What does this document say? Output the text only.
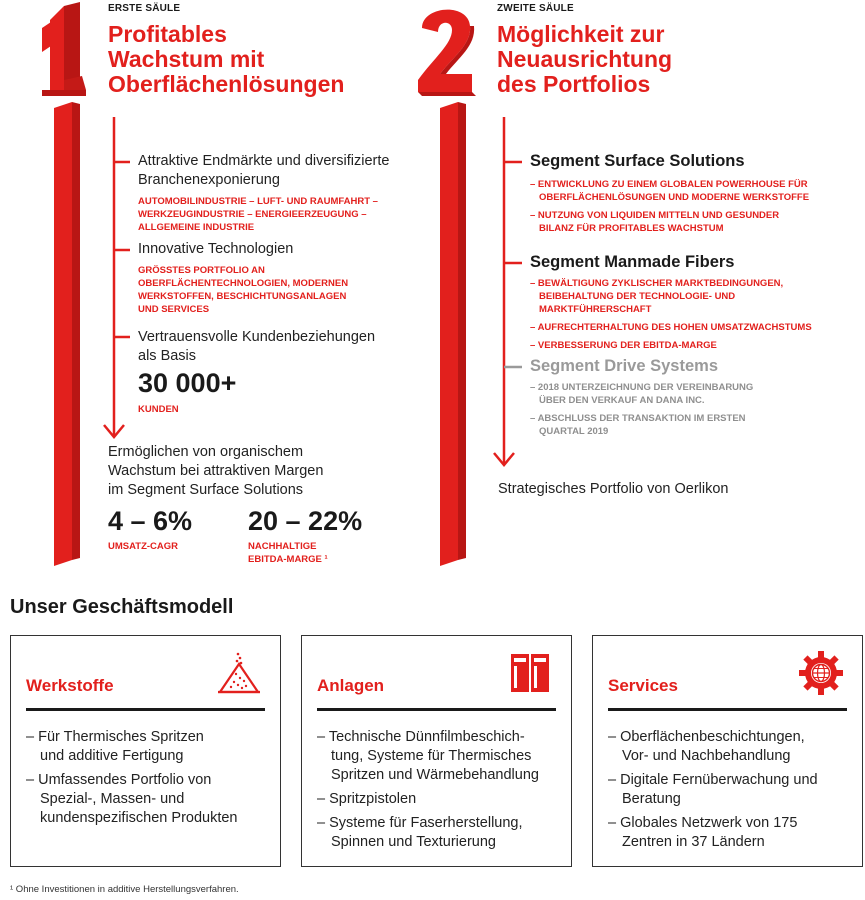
ERSTE SÄULE
Profitables
Wachstum mit
Oberflächenlösungen
Attraktive Endmärkte und diversifizierte
Branchenexponierung
AUTOMOBILINDUSTRIE – LUFT- UND RAUMFAHRT –
WERKZEUGINDUSTRIE – ENERGIEERZEUGUNG –
ALLGEMEINE INDUSTRIE
Innovative Technologien
GRÖSSTES PORTFOLIO AN
OBERFLÄCHENTECHNOLOGIEN, MODERNEN
WERKSTOFFEN, BESCHICHTUNGSANLAGEN
UND SERVICES
Vertrauensvolle Kundenbeziehungen
als Basis
30 000+
KUNDEN
Ermöglichen von organischem
Wachstum bei attraktiven Margen
im Segment Surface Solutions
4 – 6%
UMSATZ-CAGR
20 – 22%
NACHHALTIGE
EBITDA-MARGE ¹
ZWEITE SÄULE
Möglichkeit zur
Neuausrichtung
des Portfolios
Segment Surface Solutions
– ENTWICKLUNG ZU EINEM GLOBALEN POWERHOUSE FÜR
OBERFLÄCHENLÖSUNGEN UND MODERNE WERKSTOFFE
– NUTZUNG VON LIQUIDEN MITTELN UND GESUNDER
BILANZ FÜR PROFITABLES WACHSTUM
Segment Manmade Fibers
– BEWÄLTIGUNG ZYKLISCHER MARKTBEDINGUNGEN,
BEIBEHALTUNG DER TECHNOLOGIE- UND
MARKTFÜHRERSCHAFT
– AUFRECHTERHALTUNG DES HOHEN UMSATZWACHSTUMS
– VERBESSERUNG DER EBITDA-MARGE
Segment Drive Systems
– 2018 UNTERZEICHNUNG DER VEREINBARUNG
ÜBER DEN VERKAUF AN DANA INC.
– ABSCHLUSS DER TRANSAKTION IM ERSTEN
QUARTAL 2019
Strategisches Portfolio von Oerlikon
Unser Geschäftsmodell
Werkstoffe
– Für Thermisches Spritzen
und additive Fertigung
– Umfassendes Portfolio von
Spezial-, Massen- und
kundenspezifischen Produkten
Anlagen
– Technische Dünnfilmbeschich-
tung, Systeme für Thermisches
Spritzen und Wärmebehandlung
– Spritzpistolen
– Systeme für Faserherstellung,
Spinnen und Texturierung
Services
– Oberflächenbeschichtungen,
Vor- und Nachbehandlung
– Digitale Fernüberwachung und
Beratung
– Globales Netzwerk von 175
Zentren in 37 Ländern
¹ Ohne Investitionen in additive Herstellungsverfahren.
